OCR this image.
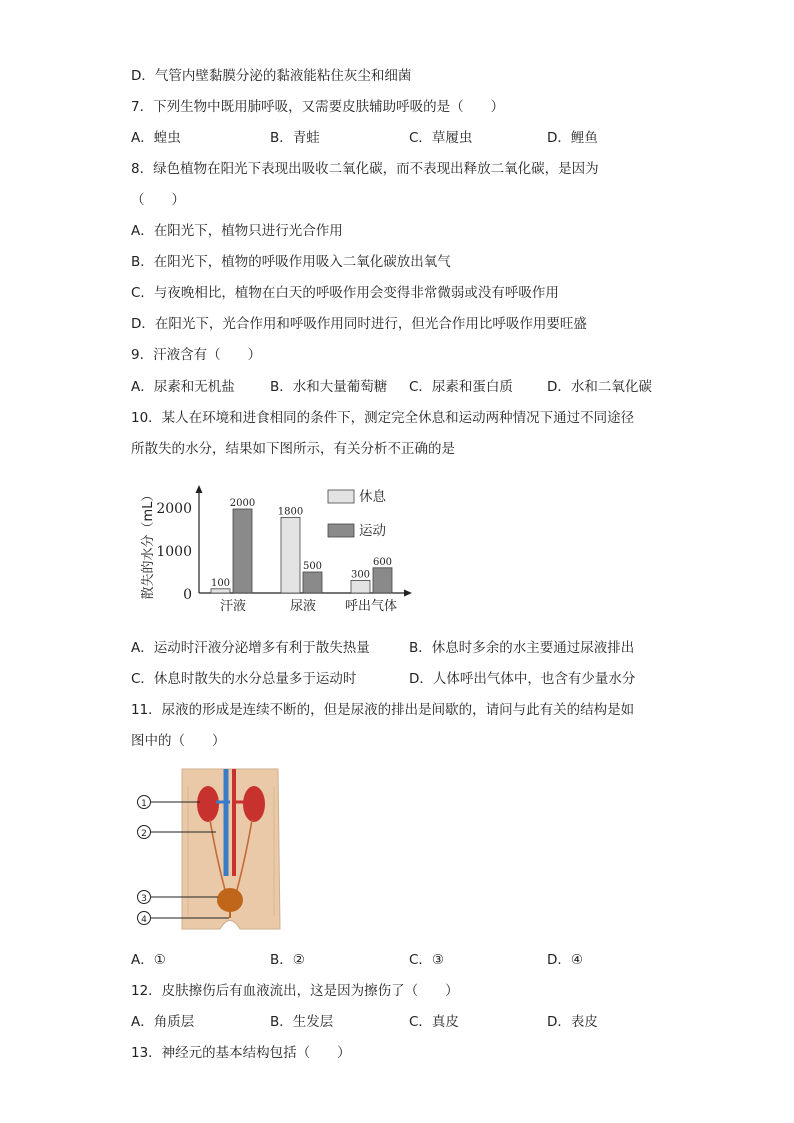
D．气管内壁黏膜分泌的黏液能粘住灰尘和细菌
7．下列生物中既用肺呼吸，又需要皮肤辅助呼吸的是（　　）
A．蝗虫	B．青蛙	C．草履虫	D．鲤鱼
8．绿色植物在阳光下表现出吸收二氧化碳，而不表现出释放二氧化碳，是因为
（　　）
A．在阳光下，植物只进行光合作用
B．在阳光下，植物的呼吸作用吸入二氧化碳放出氧气
C．与夜晚相比，植物在白天的呼吸作用会变得非常微弱或没有呼吸作用
D．在阳光下，光合作用和呼吸作用同时进行，但光合作用比呼吸作用要旺盛
9．汗液含有（　　）
A．尿素和无机盐	B．水和大量葡萄糖 C．尿素和蛋白质	D．水和二氧化碳
10．某人在环境和进食相同的条件下，测定完全休息和运动两种情况下通过不同途径
所散失的水分，结果如下图所示，有关分析不正确的是
散失的水分（mL） 2000
1000
0
100
1800
300
2000
500	600
汗液	尿液 呼出气体
休息
运动
A．运动时汗液分泌增多有利于散失热量	B．休息时多余的水主要通过尿液排出
C．休息时散失的水分总量多于运动时	D．人体呼出气体中，也含有少量水分
11．尿液的形成是连续不断的，但是尿液的排出是间歇的，请问与此有关的结构是如
图中的（　　）
1
2
3
4
A．①	B．②	C．③	D．④
12．皮肤擦伤后有血液流出，这是因为擦伤了（　　）
A．角质层	B．生发层	C．真皮	D．表皮
13．神经元的基本结构包括（　　）
